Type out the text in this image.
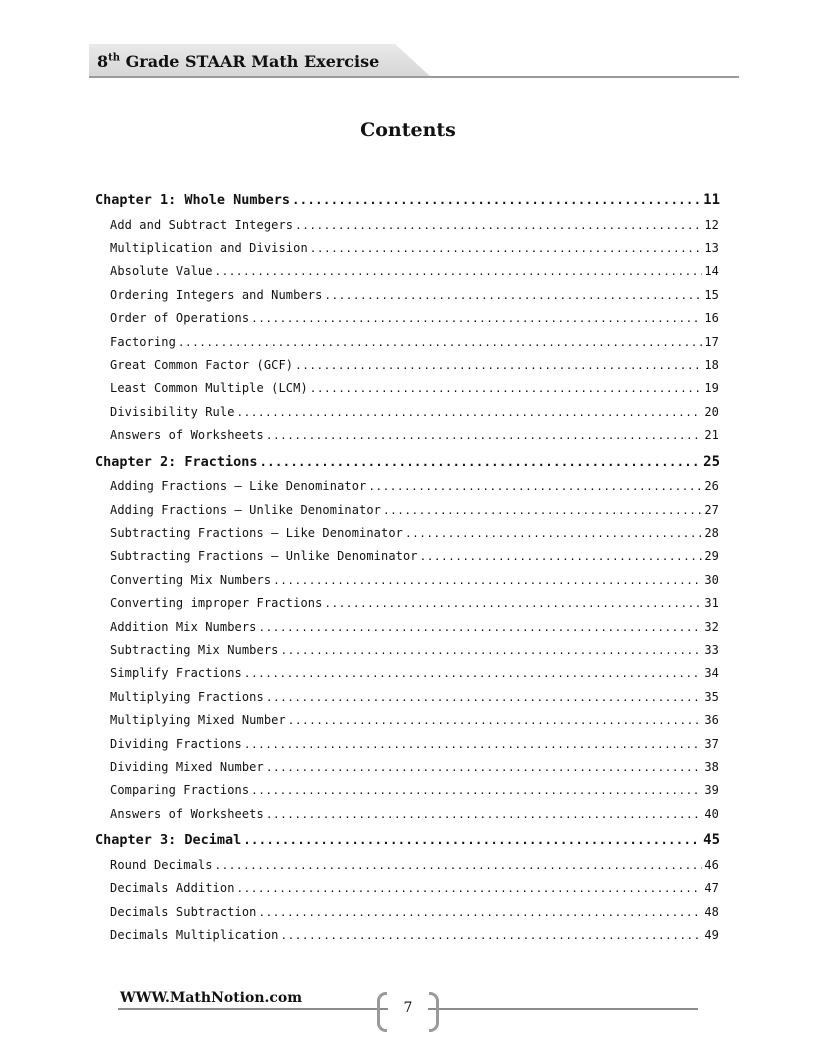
8th Grade STAAR Math Exercise
Contents
Chapter 1: Whole Numbers .....	11
Add and Subtract Integers .....	12
Multiplication and Division .....	13
Absolute Value .....	14
Ordering Integers and Numbers .....	15
Order of Operations .....	16
Factoring .....	17
Great Common Factor (GCF) .....	18
Least Common Multiple (LCM) .....	19
Divisibility Rule .....	20
Answers of Worksheets .....	21
Chapter 2: Fractions .....	25
Adding Fractions – Like Denominator .....	26
Adding Fractions – Unlike Denominator .....	27
Subtracting Fractions – Like Denominator .....	28
Subtracting Fractions – Unlike Denominator .....	29
Converting Mix Numbers .....	30
Converting improper Fractions .....	31
Addition Mix Numbers .....	32
Subtracting Mix Numbers .....	33
Simplify Fractions .....	34
Multiplying Fractions .....	35
Multiplying Mixed Number .....	36
Dividing Fractions .....	37
Dividing Mixed Number .....	38
Comparing Fractions .....	39
Answers of Worksheets .....	40
Chapter 3: Decimal .....	45
Round Decimals .....	46
Decimals Addition .....	47
Decimals Subtraction .....	48
Decimals Multiplication .....	49
WWW.MathNotion.com
7
